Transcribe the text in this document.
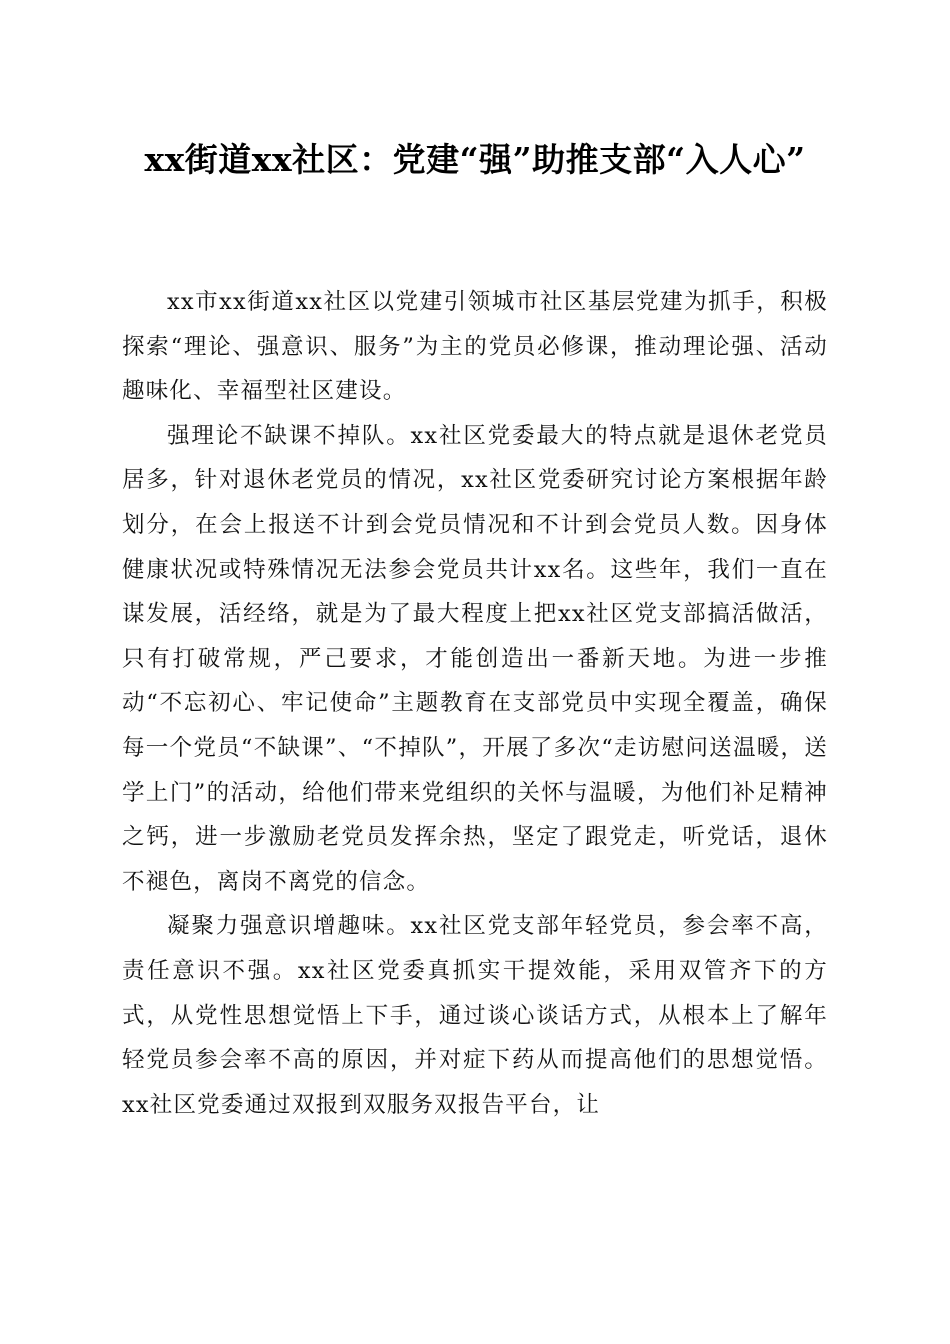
xx街道xx社区：党建“强”助推支部“入人心”

xx市xx街道xx社区以党建引领城市社区基层党建为抓手，积极探索“理论、强意识、服务”为主的党员必修课，推动理论强、活动趣味化、幸福型社区建设。

强理论不缺课不掉队。xx社区党委最大的特点就是退休老党员居多，针对退休老党员的情况，xx社区党委研究讨论方案根据年龄划分，在会上报送不计到会党员情况和不计到会党员人数。因身体健康状况或特殊情况无法参会党员共计xx名。这些年，我们一直在谋发展，活经络，就是为了最大程度上把xx社区党支部搞活做活，只有打破常规，严己要求，才能创造出一番新天地。为进一步推动“不忘初心、牢记使命”主题教育在支部党员中实现全覆盖，确保每一个党员“不缺课”、“不掉队”，开展了多次“走访慰问送温暖，送学上门”的活动，给他们带来党组织的关怀与温暖，为他们补足精神之钙，进一步激励老党员发挥余热，坚定了跟党走，听党话，退休不褪色，离岗不离党的信念。

凝聚力强意识增趣味。xx社区党支部年轻党员，参会率不高，责任意识不强。xx社区党委真抓实干提效能，采用双管齐下的方式，从党性思想觉悟上下手，通过谈心谈话方式，从根本上了解年轻党员参会率不高的原因，并对症下药从而提高他们的思想觉悟。xx社区党委通过双报到双服务双报告平台，让
